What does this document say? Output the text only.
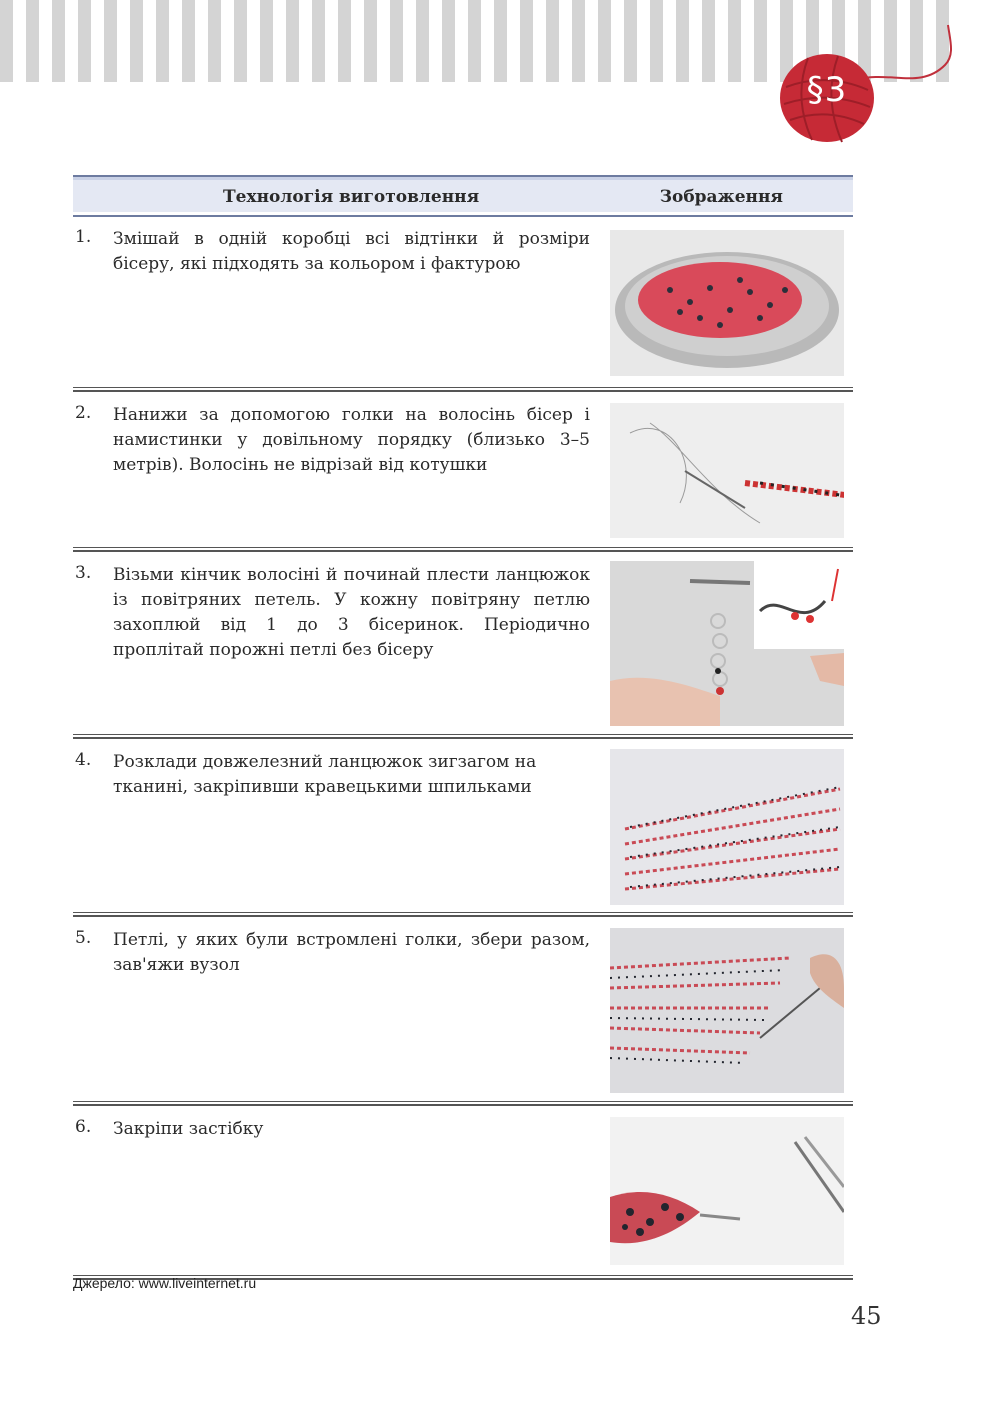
§3
Технологія виготовлення	Зображення
1. Змішай в одній коробці всі відтінки й розміри бісеру, які підходять за кольором і фактурою
2. Нанижи за допомогою голки на волосінь бісер і намистинки у довільному порядку (близько 3–5 метрів). Волосінь не відрізай від котушки
3. Візьми кінчик волосіні й починай плести ланцюжок із повітряних петель. У кожну повітряну петлю захоплюй від 1 до 3 бісеринок. Періодично проплітай порожні петлі без бісеру
4. Розклади довжелезний ланцюжок зигзагом на тканині, закріпивши кравецькими шпильками
5. Петлі, у яких були встромлені голки, збери разом, зав'яжи вузол
6. Закріпи застібку
Джерело: www.liveinternet.ru
45
